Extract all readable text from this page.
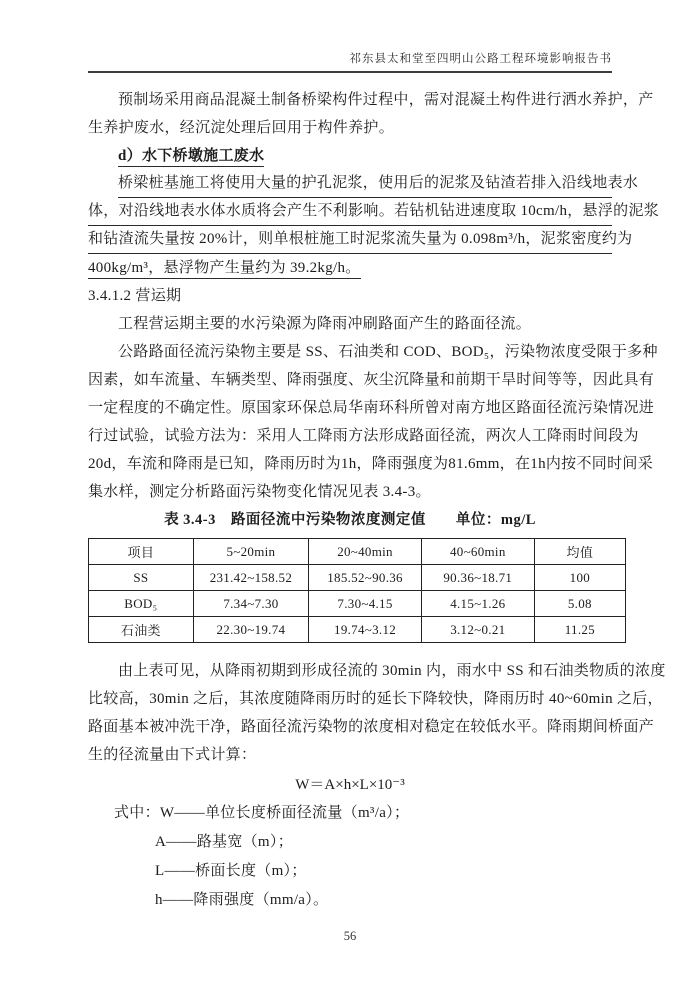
祁东县太和堂至四明山公路工程环境影响报告书
预制场采用商品混凝土制备桥梁构件过程中，需对混凝土构件进行洒水养护，产
生养护废水，经沉淀处理后回用于构件养护。
d）水下桥墩施工废水
桥梁桩基施工将使用大量的护孔泥浆，使用后的泥浆及钻渣若排入沿线地表水
体，对沿线地表水体水质将会产生不利影响。若钻机钻进速度取 10cm/h，悬浮的泥浆
和钻渣流失量按 20%计，则单根桩施工时泥浆流失量为 0.098m³/h，泥浆密度约为
400kg/m³，悬浮物产生量约为 39.2kg/h。
3.4.1.2 营运期
工程营运期主要的水污染源为降雨冲刷路面产生的路面径流。
公路路面径流污染物主要是 SS、石油类和 COD、BOD₅，污染物浓度受限于多种
因素，如车流量、车辆类型、降雨强度、灰尘沉降量和前期干旱时间等等，因此具有
一定程度的不确定性。原国家环保总局华南环科所曾对南方地区路面径流污染情况进
行过试验，试验方法为：采用人工降雨方法形成路面径流，两次人工降雨时间段为
20d，车流和降雨是已知，降雨历时为1h，降雨强度为81.6mm，在1h内按不同时间采
集水样，测定分析路面污染物变化情况见表 3.4-3。
表 3.4-3　路面径流中污染物浓度测定值　　单位：mg/L
项目	5~20min	20~40min	40~60min	均值
SS	231.42~158.52	185.52~90.36	90.36~18.71	100
BOD₅	7.34~7.30	7.30~4.15	4.15~1.26	5.08
石油类	22.30~19.74	19.74~3.12	3.12~0.21	11.25
由上表可见，从降雨初期到形成径流的 30min 内，雨水中 SS 和石油类物质的浓度
比较高，30min 之后，其浓度随降雨历时的延长下降较快，降雨历时 40~60min 之后，
路面基本被冲洗干净，路面径流污染物的浓度相对稳定在较低水平。降雨期间桥面产
生的径流量由下式计算：
W＝A×h×L×10⁻³
式中：W——单位长度桥面径流量（m³/a）；
A——路基宽（m）；
L——桥面长度（m）；
h——降雨强度（mm/a）。
56
